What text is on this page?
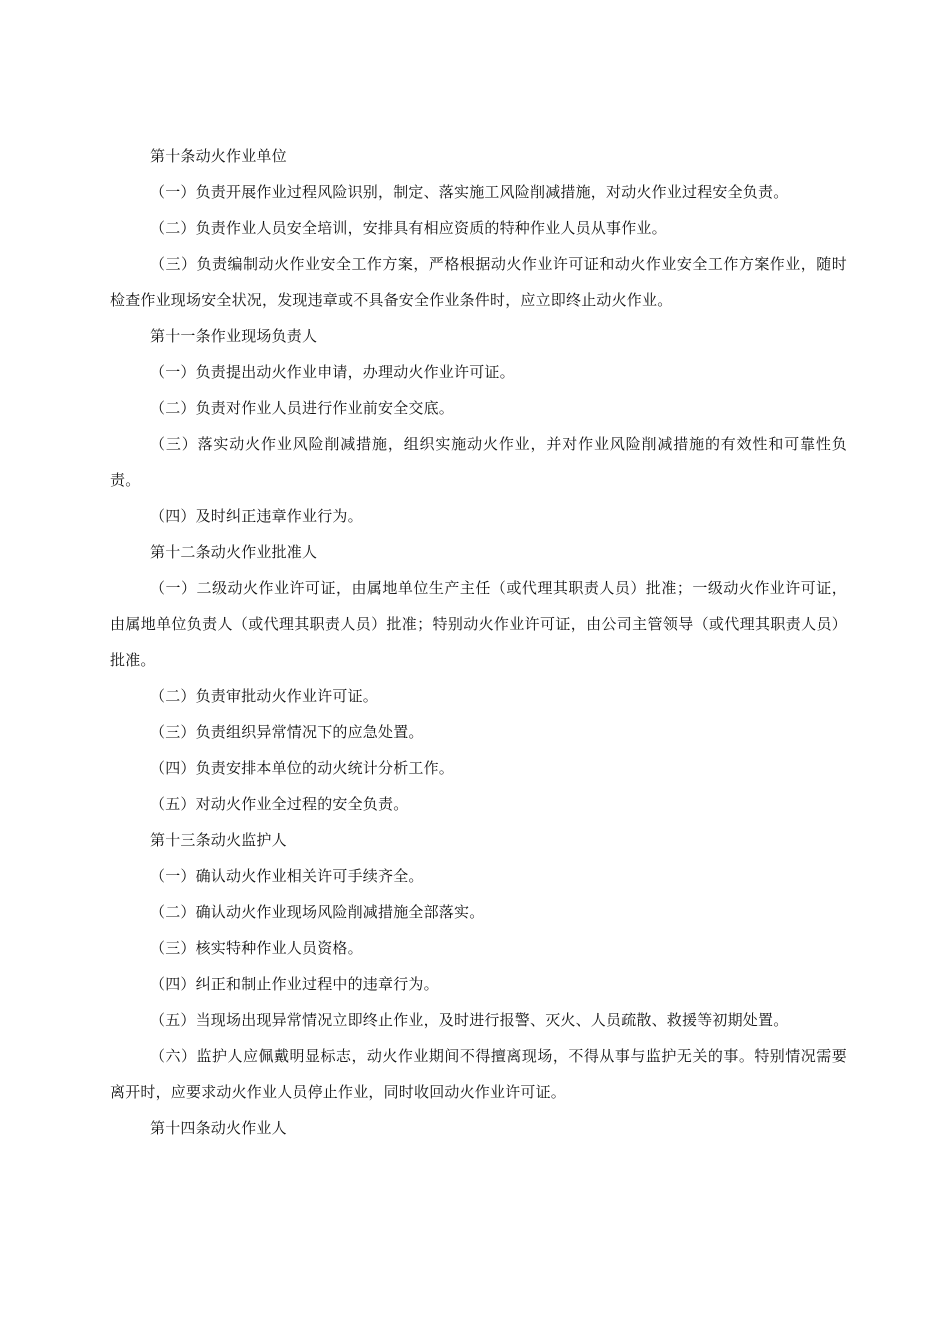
第十条动火作业单位

（一）负责开展作业过程风险识别，制定、落实施工风险削减措施，对动火作业过程安全负责。

（二）负责作业人员安全培训，安排具有相应资质的特种作业人员从事作业。

（三）负责编制动火作业安全工作方案，严格根据动火作业许可证和动火作业安全工作方案作业，随时检查作业现场安全状况，发现违章或不具备安全作业条件时，应立即终止动火作业。

第十一条作业现场负责人

（一）负责提出动火作业申请，办理动火作业许可证。

（二）负责对作业人员进行作业前安全交底。

（三）落实动火作业风险削减措施，组织实施动火作业，并对作业风险削减措施的有效性和可靠性负责。

（四）及时纠正违章作业行为。

第十二条动火作业批准人

（一）二级动火作业许可证，由属地单位生产主任（或代理其职责人员）批准；一级动火作业许可证，由属地单位负责人（或代理其职责人员）批准；特别动火作业许可证，由公司主管领导（或代理其职责人员）批准。

（二）负责审批动火作业许可证。

（三）负责组织异常情况下的应急处置。

（四）负责安排本单位的动火统计分析工作。

（五）对动火作业全过程的安全负责。

第十三条动火监护人

（一）确认动火作业相关许可手续齐全。

（二）确认动火作业现场风险削减措施全部落实。

（三）核实特种作业人员资格。

（四）纠正和制止作业过程中的违章行为。

（五）当现场出现异常情况立即终止作业，及时进行报警、灭火、人员疏散、救援等初期处置。

（六）监护人应佩戴明显标志，动火作业期间不得擅离现场，不得从事与监护无关的事。特别情况需要离开时，应要求动火作业人员停止作业，同时收回动火作业许可证。

第十四条动火作业人
